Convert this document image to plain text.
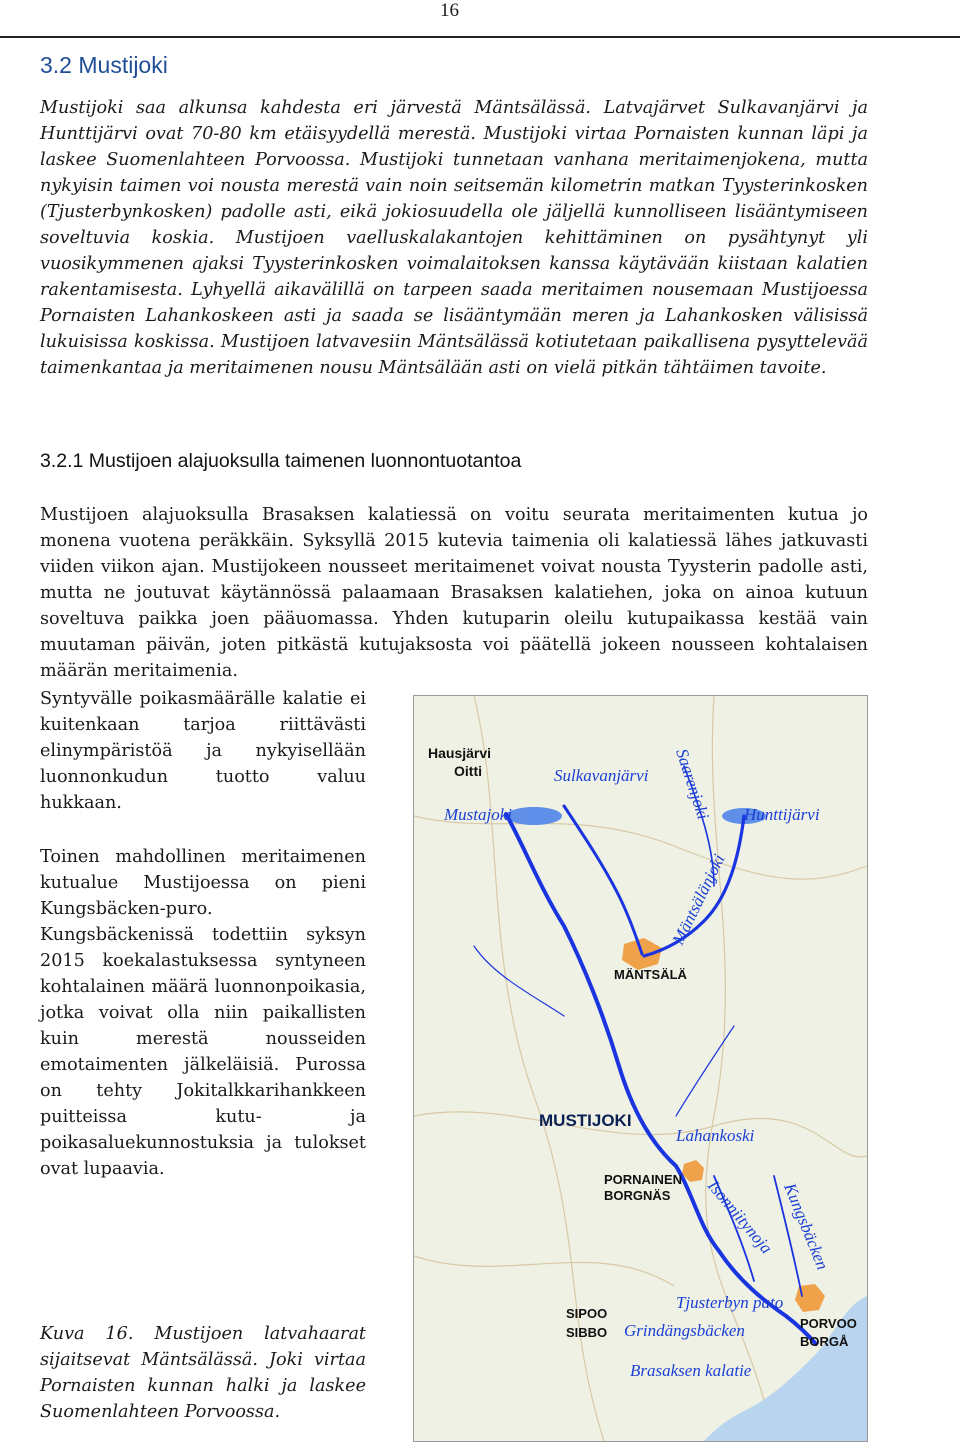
16
3.2 Mustijoki

Mustijoki saa alkunsa kahdesta eri järvestä Mäntsälässä. Latvajärvet Sulkavanjärvi ja Hunttijärvi ovat 70-80 km etäisyydellä merestä. Mustijoki virtaa Pornaisten kunnan läpi ja laskee Suomenlahteen Porvoossa. Mustijoki tunnetaan vanhana meritaimenjokena, mutta nykyisin taimen voi nousta merestä vain noin seitsemän kilometrin matkan Tyysterinkosken (Tjusterbynkosken) padolle asti, eikä jokiosuudella ole jäljellä kunnolliseen lisääntymiseen soveltuvia koskia. Mustijoen vaelluskalakantojen kehittäminen on pysähtynyt yli vuosikymmenen ajaksi Tyysterinkosken voimalaitoksen kanssa käytävään kiistaan kalatien rakentamisesta. Lyhyellä aikavälillä on tarpeen saada meritaimen nousemaan Mustijoessa Pornaisten Lahankoskeen asti ja saada se lisääntymään meren ja Lahankosken välisissä lukuisissa koskissa. Mustijoen latvavesiin Mäntsälässä kotiutetaan paikallisena pysyttelevää taimenkantaa ja meritaimenen nousu Mäntsälään asti on vielä pitkän tähtäimen tavoite.

3.2.1 Mustijoen alajuoksulla taimenen luonnontuotantoa

Mustijoen alajuoksulla Brasaksen kalatiessä on voitu seurata meritaimenten kutua jo monena vuotena peräkkäin. Syksyllä 2015 kutevia taimenia oli kalatiessä lähes jatkuvasti viiden viikon ajan. Mustijokeen nousseet meritaimenet voivat nousta Tyysterin padolle asti, mutta ne joutuvat käytännössä palaamaan Brasaksen kalatiehen, joka on ainoa kutuun soveltuva paikka joen pääuomassa. Yhden kutuparin oleilu kutupaikassa kestää vain muutaman päivän, joten pitkästä kutujaksosta voi päätellä jokeen nousseen kohtalaisen määrän meritaimenia.

Syntyvälle poikasmäärälle kalatie ei kuitenkaan tarjoa riittävästi elinympäristöä ja nykyisellään luonnonkudun tuotto valuu hukkaan.

Toinen mahdollinen meritaimenen kutualue Mustijoessa on pieni Kungsbäcken-puro. Kungsbäckenissä todettiin syksyn 2015 koekalastuksessa syntyneen kohtalainen määrä luonnonpoikasia, jotka voivat olla niin paikallisten kuin merestä nousseiden emotaimenten jälkeläisiä. Purossa on tehty Jokitalkkarihankkeen puitteissa kutu- ja poikasaluekunnostuksia ja tulokset ovat lupaavia.

Kuva 16. Mustijoen latvahaarat sijaitsevat Mäntsälässä. Joki virtaa Pornaisten kunnan halki ja laskee Suomenlahteen Porvoossa.

Hausjärvi
Oitti	Sulkavanjärvi
Mustajoki	Hunttijärvi
Saarenjoki
Mäntsälänjoki
MÄNTSÄLÄ
MUSTIJOKI
Lahankoski
PORNAINEN
BORGNÄS Isonniitynoja Kungsbäcken
Tjusterbyn pato
SIPOO
SIBBO Grindängsbäcken	PORVOO
BORGÅ
Brasaksen kalatie
